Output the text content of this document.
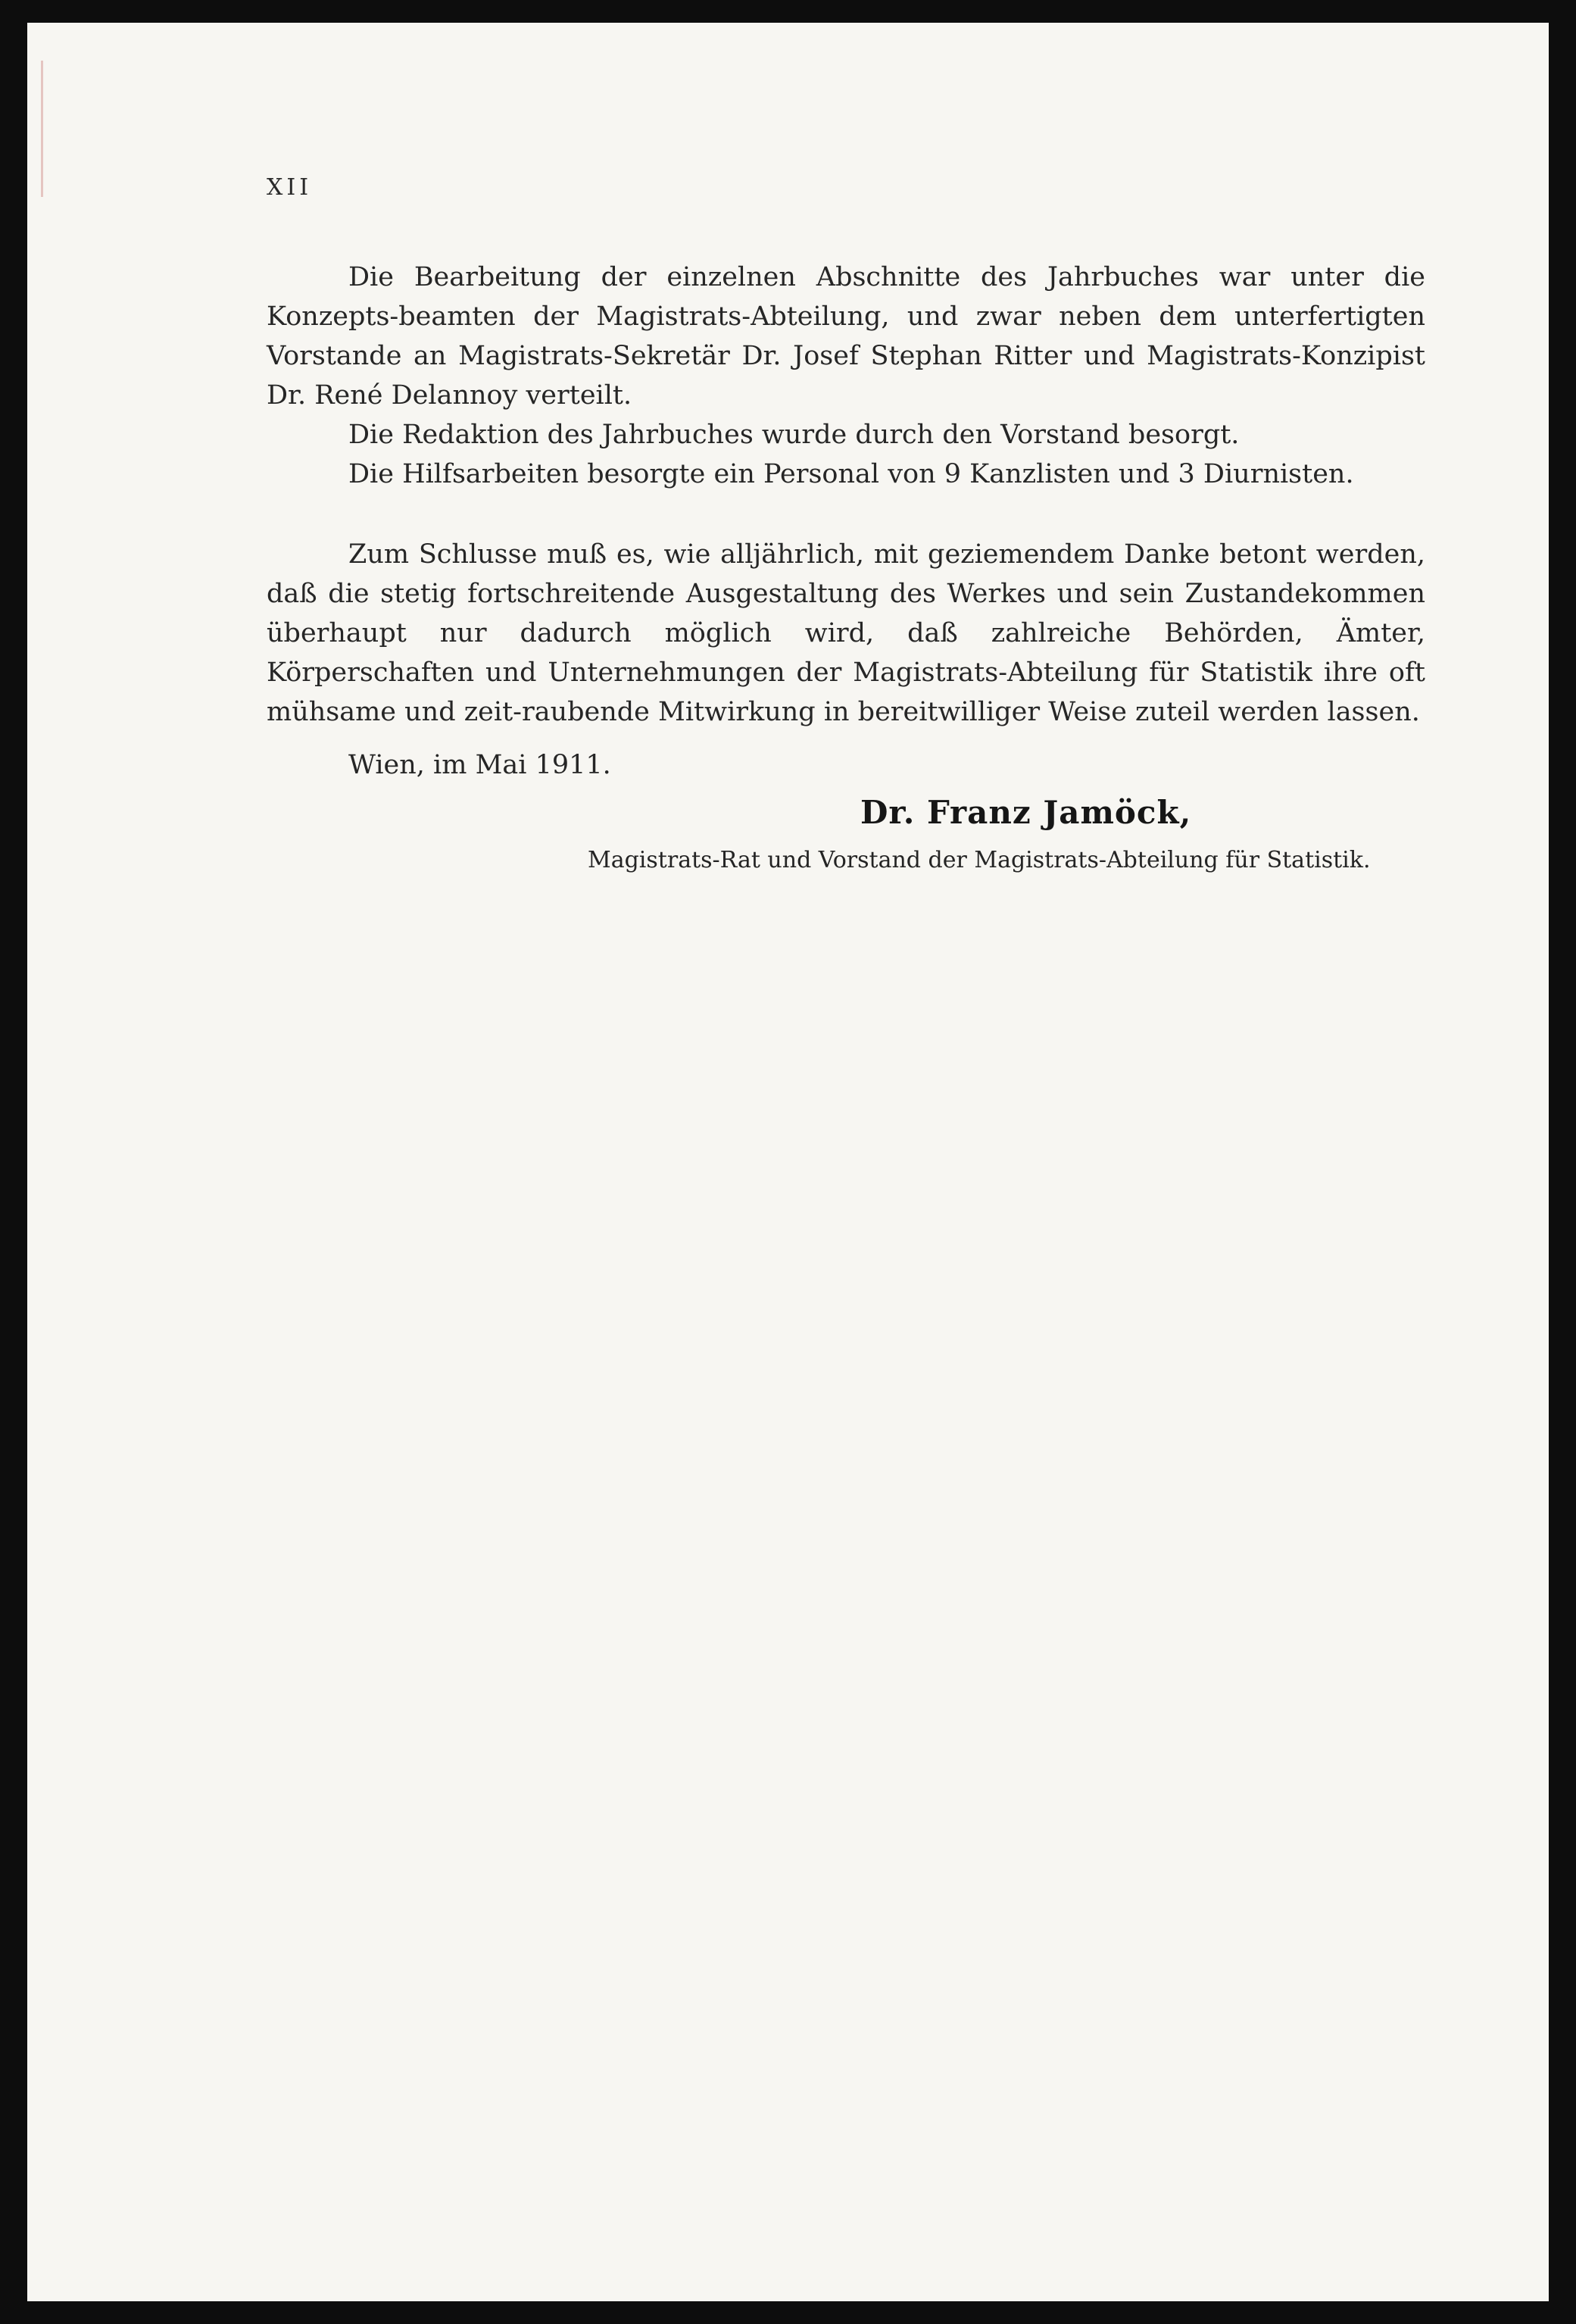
XII

Die Bearbeitung der einzelnen Abschnitte des Jahrbuches war unter die Konzepts-beamten der Magistrats-Abteilung, und zwar neben dem unterfertigten Vorstande an Magistrats-Sekretär Dr. Josef Stephan Ritter und Magistrats-Konzipist Dr. René Delannoy verteilt.

Die Redaktion des Jahrbuches wurde durch den Vorstand besorgt.

Die Hilfsarbeiten besorgte ein Personal von 9 Kanzlisten und 3 Diurnisten.

Zum Schlusse muß es, wie alljährlich, mit geziemendem Danke betont werden, daß die stetig fortschreitende Ausgestaltung des Werkes und sein Zustandekommen überhaupt nur dadurch möglich wird, daß zahlreiche Behörden, Ämter, Körperschaften und Unternehmungen der Magistrats-Abteilung für Statistik ihre oft mühsame und zeit-raubende Mitwirkung in bereitwilliger Weise zuteil werden lassen.

Wien, im Mai 1911.

Dr. Franz Jamöck,
Magistrats-Rat und Vorstand der Magistrats-Abteilung für Statistik.
